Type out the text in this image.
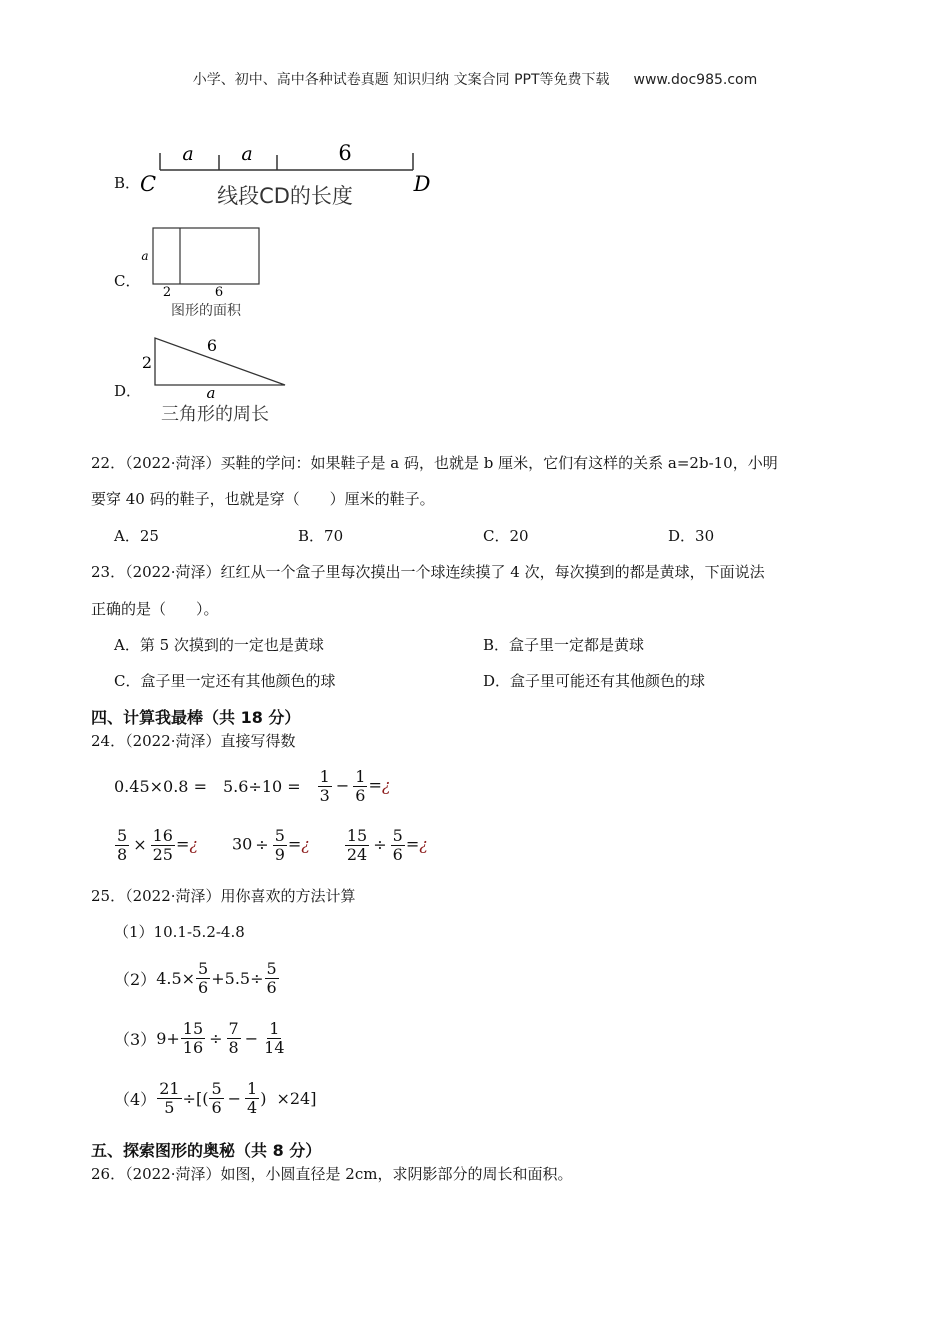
小学、初中、高中各种试卷真题 知识归纳 文案合同 PPT等免费下载 www.doc985.com
B．
a	a	6
C	D
线段CD的长度
C．
a
2	6
图形的面积
D．
2
6
a
三角形的周长
22．（2022·菏泽）买鞋的学问：如果鞋子是 a 码，也就是 b 厘米，它们有这样的关系 a=2b-10，小明
要穿 40 码的鞋子，也就是穿（　　）厘米的鞋子。
A．25	B．70	C．20	D．30
23．（2022·菏泽）红红从一个盒子里每次摸出一个球连续摸了 4 次，每次摸到的都是黄球，下面说法
正确的是（　　）。
A．第 5 次摸到的一定也是黄球	B．盒子里一定都是黄球
C．盒子里一定还有其他颜色的球	D．盒子里可能还有其他颜色的球
四、计算我最棒（共 18 分）
24．（2022·菏泽）直接写得数
$0.45\times 0.8 = 5.6\div 10 = \frac{1}{3} - \frac{1}{6}$ =¿
$\frac{5}{8} \times \frac{16}{25}$ =¿ $30 \div \frac{5}{9}$ =¿ $\frac{15}{24} \div \frac{5}{6}$ =¿
25．（2022·菏泽）用你喜欢的方法计算
（1）10.1-5.2-4.8
（2） $4.5\times \frac{5}{6} +5.5\div \frac{5}{6}$
（3） $9+ \frac{15}{16} \div \frac{7}{8} - \frac{1}{14}$
$(4) \frac{21}{5}$ ÷[( $\frac{5}{6} - \frac{1}{4}$ ) ×24]
五、探索图形的奥秘（共 8 分）
26．（2022·菏泽）如图，小圆直径是 2cm，求阴影部分的周长和面积。
